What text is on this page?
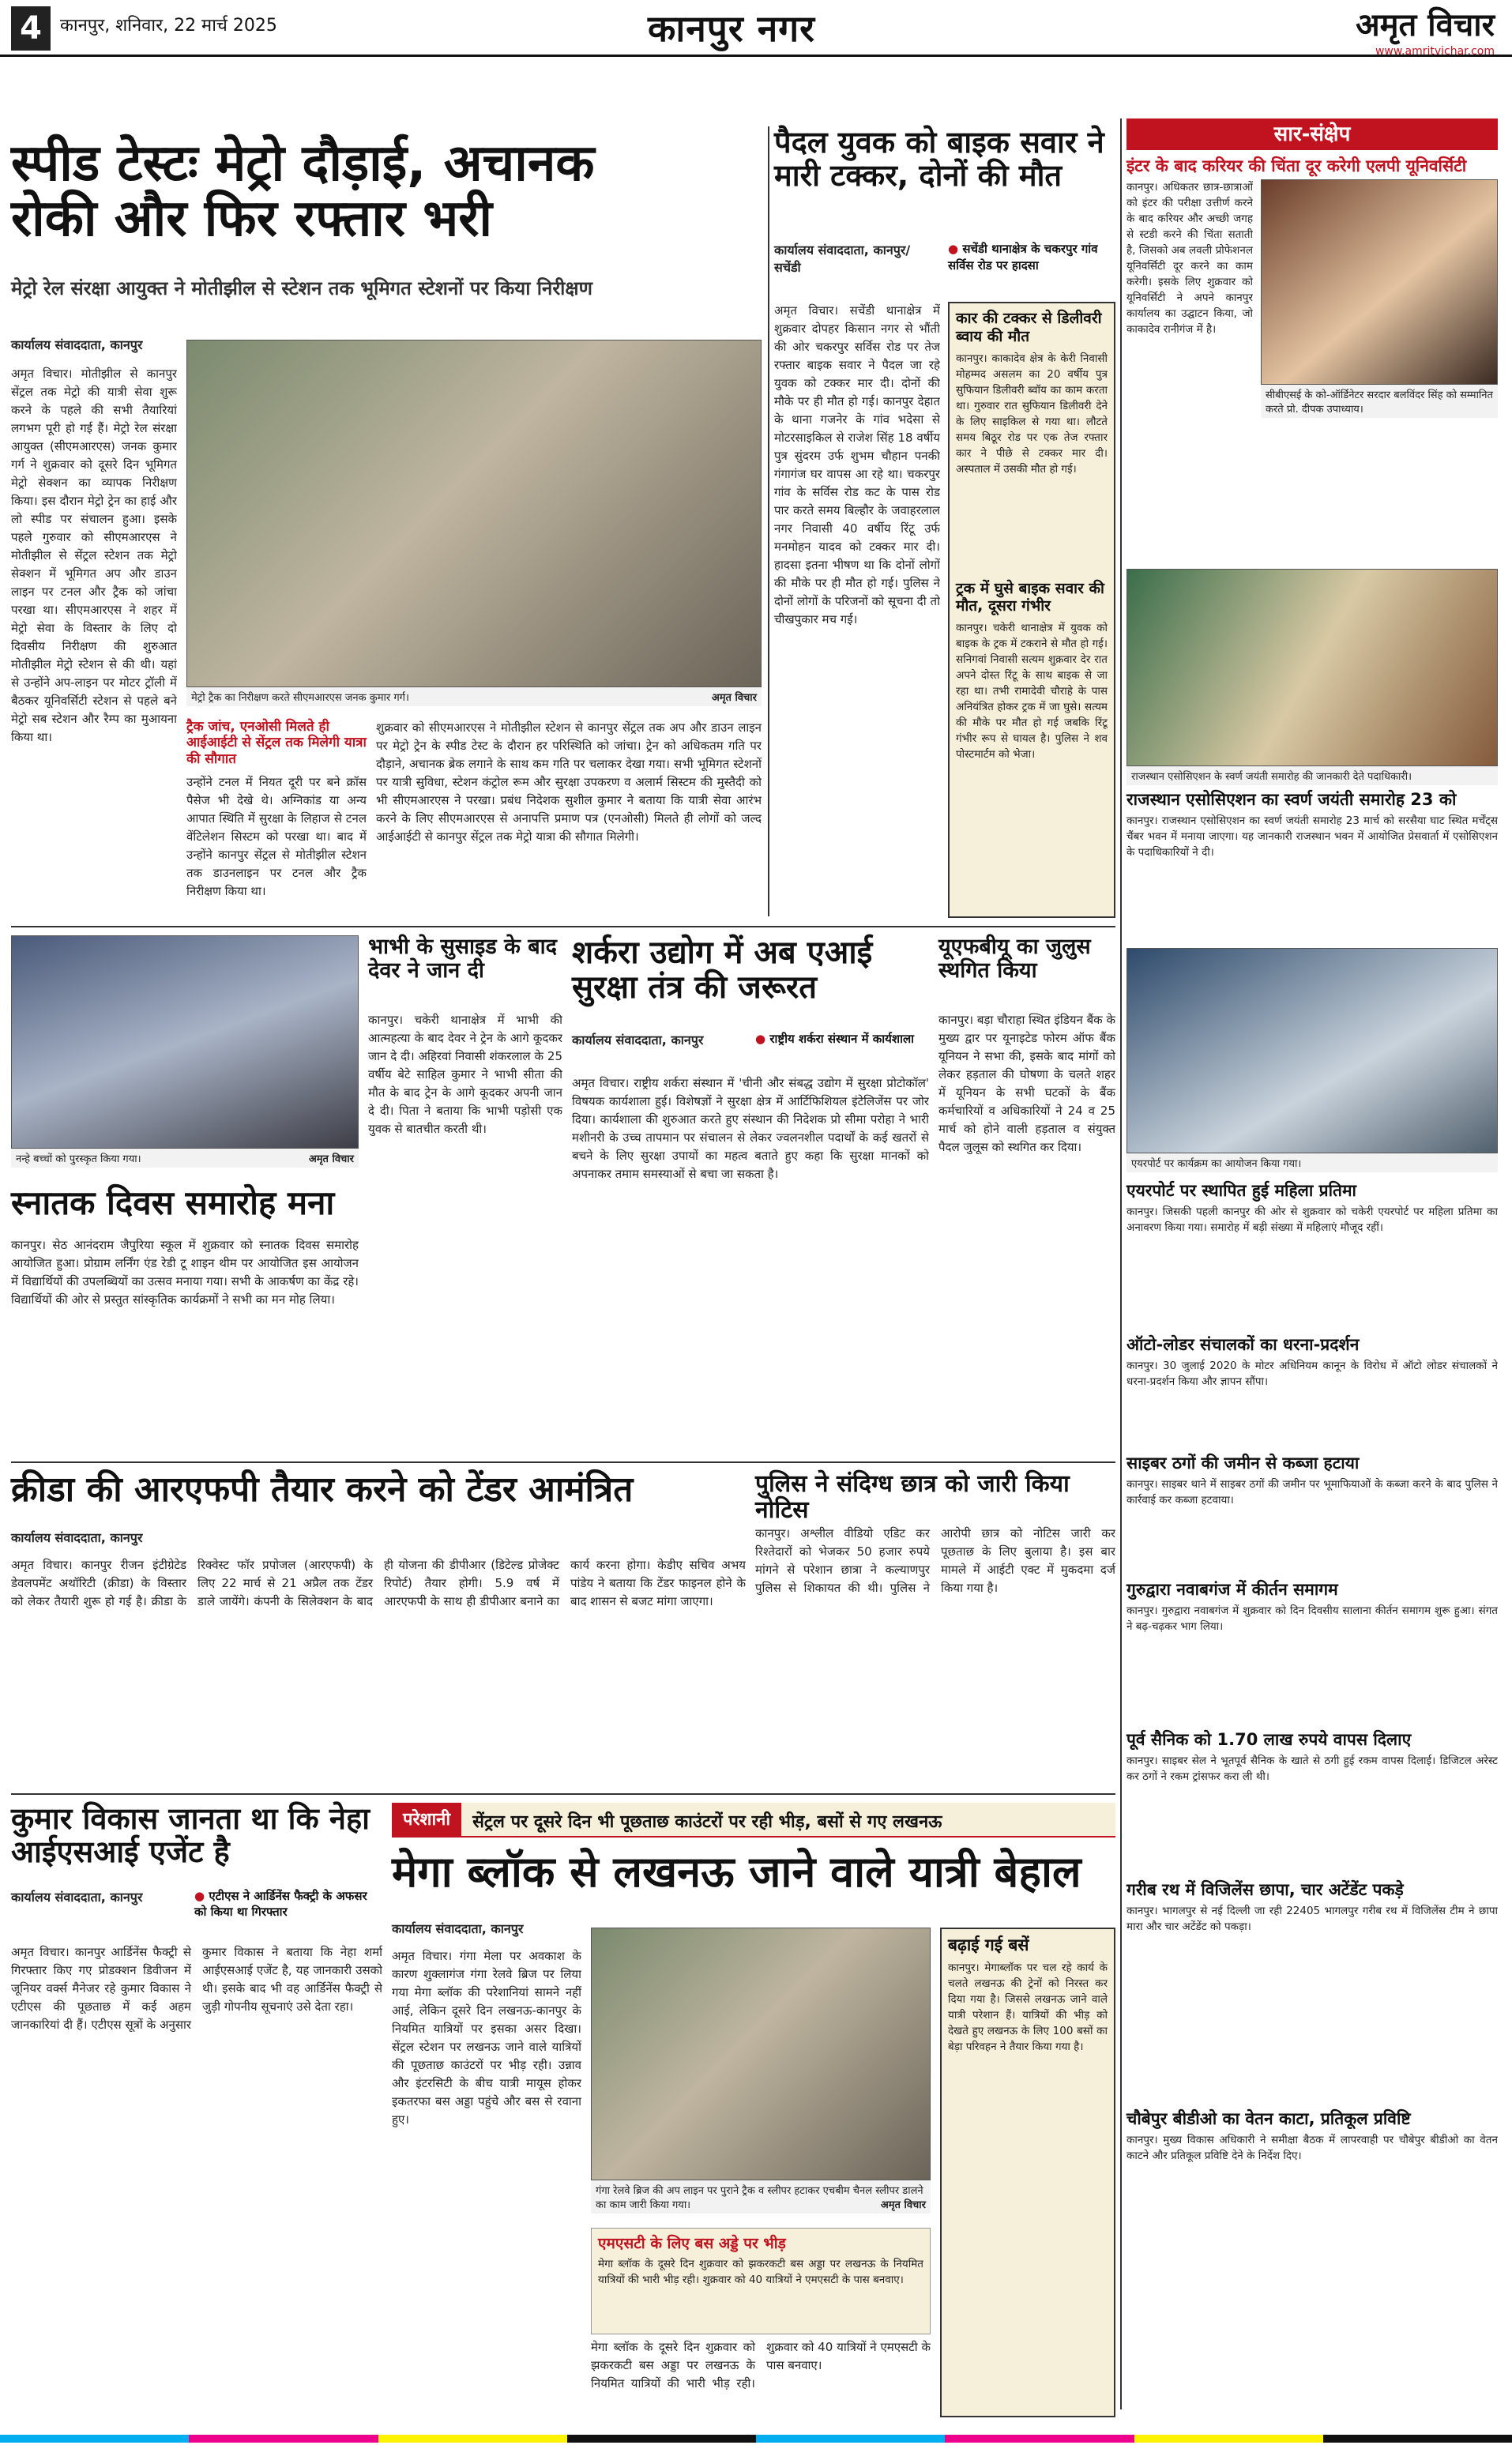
4	कानपुर, शनिवार, 22 मार्च 2025	कानपुर नगर	अमृत विचार
www.amritvichar.com
स्पीड टेस्टः मेट्रो दौड़ाई, अचानक
रोकी और फिर रफ्तार भरी
मेट्रो रेल संरक्षा आयुक्त ने मोतीझील से स्टेशन तक भूमिगत स्टेशनों पर किया निरीक्षण
कार्यालय संवाददाता, कानपुर
अमृत विचार। मोतीझील से कानपुर सेंट्रल तक मेट्रो की यात्री सेवा शुरू करने के पहले की सभी तैयारियां लगभग पूरी हो गई हैं। मेट्रो रेल संरक्षा आयुक्त (सीएमआरएस) जनक कुमार गर्ग ने शुक्रवार को दूसरे दिन भूमिगत मेट्रो सेक्शन का व्यापक निरीक्षण किया। इस दौरान मेट्रो ट्रेन का हाई और लो स्पीड पर संचालन हुआ। इसके पहले गुरुवार को सीएमआरएस ने मोतीझील से सेंट्रल स्टेशन तक मेट्रो सेक्शन में भूमिगत अप और डाउन लाइन पर टनल और ट्रैक को जांचा परखा था। सीएमआरएस ने शहर में मेट्रो सेवा के विस्तार के लिए दो दिवसीय निरीक्षण की शुरुआत मोतीझील मेट्रो स्टेशन से की थी। यहां से उन्होंने अप-लाइन पर मोटर ट्रॉली में बैठकर यूनिवर्सिटी स्टेशन से पहले बने मेट्रो सब स्टेशन और रैम्प का मुआयना किया था।
मेट्रो ट्रैक का निरीक्षण करते सीएमआरएस जनक कुमार गर्ग।	अमृत विचार
ट्रैक जांच, एनओसी मिलते ही आईआईटी से सेंट्रल तक मिलेगी यात्रा की सौगात
उन्होंने टनल में नियत दूरी पर बने क्रॉस पैसेज भी देखे थे। अग्निकांड या अन्य आपात स्थिति में सुरक्षा के लिहाज से टनल वेंटिलेशन सिस्टम को परखा था। बाद में उन्होंने कानपुर सेंट्रल से मोतीझील स्टेशन तक डाउनलाइन पर टनल और ट्रैक निरीक्षण किया था।
शुक्रवार को सीएमआरएस ने मोतीझील स्टेशन से कानपुर सेंट्रल तक अप और डाउन लाइन पर मेट्रो ट्रेन के स्पीड टेस्ट के दौरान हर परिस्थिति को जांचा। ट्रेन को अधिकतम गति पर दौड़ाने, अचानक ब्रेक लगाने के साथ कम गति पर चलाकर देखा गया। सभी भूमिगत स्टेशनों पर यात्री सुविधा, स्टेशन कंट्रोल रूम और सुरक्षा उपकरण व अलार्म सिस्टम की मुस्तैदी को भी सीएमआरएस ने परखा। प्रबंध निदेशक सुशील कुमार ने बताया कि यात्री सेवा आरंभ करने के लिए सीएमआरएस से अनापत्ति प्रमाण पत्र (एनओसी) मिलते ही लोगों को जल्द आईआईटी से कानपुर सेंट्रल तक मेट्रो यात्रा की सौगात मिलेगी।
पैदल युवक को बाइक सवार ने मारी टक्कर, दोनों की मौत
कार्यालय संवाददाता, कानपुर/ सचेंडी
● सचेंडी थानाक्षेत्र के चकरपुर गांव सर्विस रोड पर हादसा
अमृत विचार। सचेंडी थानाक्षेत्र में शुक्रवार दोपहर किसान नगर से भौंती की ओर चकरपुर सर्विस रोड पर तेज रफ्तार बाइक सवार ने पैदल जा रहे युवक को टक्कर मार दी। दोनों की मौके पर ही मौत हो गई। कानपुर देहात के थाना गजनेर के गांव भदेसा से मोटरसाइकिल से राजेश सिंह 18 वर्षीय पुत्र सुंदरम उर्फ शुभम चौहान पनकी गंगागंज घर वापस आ रहे था। चकरपुर गांव के सर्विस रोड कट के पास रोड पार करते समय बिल्हौर के जवाहरलाल नगर निवासी 40 वर्षीय रिंटू उर्फ मनमोहन यादव को टक्कर मार दी। हादसा इतना भीषण था कि दोनों लोगों की मौके पर ही मौत हो गई। पुलिस ने दोनों लोगों के परिजनों को सूचना दी तो चीखपुकार मच गई।
कार की टक्कर से डिलीवरी ब्वाय की मौत
कानपुर। काकादेव क्षेत्र के केरी निवासी मोहम्मद असलम का 20 वर्षीय पुत्र सुफियान डिलीवरी ब्वॉय का काम करता था। गुरुवार रात सुफियान डिलीवरी देने के लिए साइकिल से गया था। लौटते समय बिठूर रोड पर एक तेज रफ्तार कार ने पीछे से टक्कर मार दी। अस्पताल में उसकी मौत हो गई।
ट्रक में घुसे बाइक सवार की मौत, दूसरा गंभीर
कानपुर। चकेरी थानाक्षेत्र में युवक को बाइक के ट्रक में टकराने से मौत हो गई। सनिगवां निवासी सत्यम शुक्रवार देर रात अपने दोस्त रिंटू के साथ बाइक से जा रहा था। तभी रामादेवी चौराहे के पास अनियंत्रित होकर ट्रक में जा घुसे। सत्यम की मौके पर मौत हो गई जबकि रिंटू गंभीर रूप से घायल है। पुलिस ने शव पोस्टमार्टम को भेजा।
सार-संक्षेप
इंटर के बाद करियर की चिंता दूर करेगी एलपी यूनिवर्सिटी
कानपुर। अधिकतर छात्र-छात्राओं को इंटर की परीक्षा उत्तीर्ण करने के बाद करियर और अच्छी जगह से स्टडी करने की चिंता सताती है, जिसको अब लवली प्रोफेशनल यूनिवर्सिटी दूर करने का काम करेगी। इसके लिए शुक्रवार को यूनिवर्सिटी ने अपने कानपुर कार्यालय का उद्घाटन किया, जो काकादेव रानीगंज में है।
सीबीएसई के को-ऑर्डिनेटर सरदार बलविंदर सिंह को सम्मानित करते प्रो. दीपक उपाध्याय।
राजस्थान एसोसिएशन के स्वर्ण जयंती समारोह की जानकारी देते पदाधिकारी।
राजस्थान एसोसिएशन का स्वर्ण जयंती समारोह 23 को
कानपुर। राजस्थान एसोसिएशन का स्वर्ण जयंती समारोह 23 मार्च को सरसैया घाट स्थित मर्चेंट्स चैंबर भवन में मनाया जाएगा। यह जानकारी राजस्थान भवन में आयोजित प्रेसवार्ता में एसोसिएशन के पदाधिकारियों ने दी।
एयरपोर्ट पर कार्यक्रम का आयोजन किया गया।
एयरपोर्ट पर स्थापित हुई महिला प्रतिमा
कानपुर। जिसकी पहली कानपुर की ओर से शुक्रवार को चकेरी एयरपोर्ट पर महिला प्रतिमा का अनावरण किया गया। समारोह में बड़ी संख्या में महिलाएं मौजूद रहीं।
ऑटो-लोडर संचालकों का धरना-प्रदर्शन
कानपुर। 30 जुलाई 2020 के मोटर अधिनियम कानून के विरोध में ऑटो लोडर संचालकों ने धरना-प्रदर्शन किया और ज्ञापन सौंपा।
साइबर ठगों की जमीन से कब्जा हटाया
कानपुर। साइबर थाने में साइबर ठगों की जमीन पर भूमाफियाओं के कब्जा करने के बाद पुलिस ने कार्रवाई कर कब्जा हटवाया।
गुरुद्वारा नवाबगंज में कीर्तन समागम
कानपुर। गुरुद्वारा नवाबगंज में शुक्रवार को दिन दिवसीय सालाना कीर्तन समागम शुरू हुआ। संगत ने बढ़-चढ़कर भाग लिया।
पूर्व सैनिक को 1.70 लाख रुपये वापस दिलाए
कानपुर। साइबर सेल ने भूतपूर्व सैनिक के खाते से ठगी हुई रकम वापस दिलाई। डिजिटल अरेस्ट कर ठगों ने रकम ट्रांसफर करा ली थी।
गरीब रथ में विजिलेंस छापा, चार अटेंडेंट पकड़े
कानपुर। भागलपुर से नई दिल्ली जा रही 22405 भागलपुर गरीब रथ में विजिलेंस टीम ने छापा मारा और चार अटेंडेंट को पकड़ा।
चौबेपुर बीडीओ का वेतन काटा, प्रतिकूल प्रविष्टि
कानपुर। मुख्य विकास अधिकारी ने समीक्षा बैठक में लापरवाही पर चौबेपुर बीडीओ का वेतन काटने और प्रतिकूल प्रविष्टि देने के निर्देश दिए।
नन्हे बच्चों को पुरस्कृत किया गया।	अमृत विचार
स्नातक दिवस समारोह मना
कानपुर। सेठ आनंदराम जैपुरिया स्कूल में शुक्रवार को स्नातक दिवस समारोह आयोजित हुआ। प्रोग्राम लर्निंग एंड रेडी टू शाइन थीम पर आयोजित इस आयोजन में विद्यार्थियों की उपलब्धियों का उत्सव मनाया गया। सभी के आकर्षण का केंद्र रहे। विद्यार्थियों की ओर से प्रस्तुत सांस्कृतिक कार्यक्रमों ने सभी का मन मोह लिया।
भाभी के सुसाइड के बाद देवर ने जान दी
कानपुर। चकेरी थानाक्षेत्र में भाभी की आत्महत्या के बाद देवर ने ट्रेन के आगे कूदकर जान दे दी। अहिरवां निवासी शंकरलाल के 25 वर्षीय बेटे साहिल कुमार ने भाभी सीता की मौत के बाद ट्रेन के आगे कूदकर अपनी जान दे दी। पिता ने बताया कि भाभी पड़ोसी एक युवक से बातचीत करती थी।
शर्करा उद्योग में अब एआई सुरक्षा तंत्र की जरूरत
कार्यालय संवाददाता, कानपुर	● राष्ट्रीय शर्करा संस्थान में कार्यशाला
अमृत विचार। राष्ट्रीय शर्करा संस्थान में 'चीनी और संबद्ध उद्योग में सुरक्षा प्रोटोकॉल' विषयक कार्यशाला हुई। विशेषज्ञों ने सुरक्षा क्षेत्र में आर्टिफिशियल इंटेलिजेंस पर जोर दिया। कार्यशाला की शुरुआत करते हुए संस्थान की निदेशक प्रो सीमा परोहा ने भारी मशीनरी के उच्च तापमान पर संचालन से लेकर ज्वलनशील पदार्थों के कई खतरों से बचने के लिए सुरक्षा उपायों का महत्व बताते हुए कहा कि सुरक्षा मानकों को अपनाकर तमाम समस्याओं से बचा जा सकता है।
यूएफबीयू का जुलुस स्थगित किया
कानपुर। बड़ा चौराहा स्थित इंडियन बैंक के मुख्य द्वार पर यूनाइटेड फोरम ऑफ बैंक यूनियन ने सभा की, इसके बाद मांगों को लेकर हड़ताल की घोषणा के चलते शहर में यूनियन के सभी घटकों के बैंक कर्मचारियों व अधिकारियों ने 24 व 25 मार्च को होने वाली हड़ताल व संयुक्त पैदल जुलूस को स्थगित कर दिया।
क्रीडा की आरएफपी तैयार करने को टेंडर आमंत्रित
कार्यालय संवाददाता, कानपुर
अमृत विचार। कानपुर रीजन इंटीग्रेटेड डेवलपमेंट अथॉरिटी (क्रीडा) के विस्तार को लेकर तैयारी शुरू हो गई है। क्रीडा के रिक्वेस्ट फॉर प्रपोजल (आरएफपी) के लिए 22 मार्च से 21 अप्रैल तक टेंडर डाले जायेंगे। कंपनी के सिलेक्शन के बाद ही योजना की डीपीआर (डिटेल्ड प्रोजेक्ट रिपोर्ट) तैयार होगी। 5.9 वर्ष में आरएफपी के साथ ही डीपीआर बनाने का कार्य करना होगा। केडीए सचिव अभय पांडेय ने बताया कि टेंडर फाइनल होने के बाद शासन से बजट मांगा जाएगा।
पुलिस ने संदिग्ध छात्र को जारी किया नोटिस
कानपुर। अश्लील वीडियो एडिट कर रिश्तेदारों को भेजकर 50 हजार रुपये मांगने से परेशान छात्रा ने कल्याणपुर पुलिस से शिकायत की थी। पुलिस ने आरोपी छात्र को नोटिस जारी कर पूछताछ के लिए बुलाया है। इस बार मामले में आईटी एक्ट में मुकदमा दर्ज किया गया है।
कुमार विकास जानता था कि नेहा आईएसआई एजेंट है
कार्यालय संवाददाता, कानपुर	● एटीएस ने आर्डिनेंस फैक्ट्री के अफसर को किया था गिरफ्तार
अमृत विचार। कानपुर आर्डिनेंस फैक्ट्री से गिरफ्तार किए गए प्रोडक्शन डिवीजन में जूनियर वर्क्स मैनेजर रहे कुमार विकास ने एटीएस की पूछताछ में कई अहम जानकारियां दी हैं। एटीएस सूत्रों के अनुसार कुमार विकास ने बताया कि नेहा शर्मा आईएसआई एजेंट है, यह जानकारी उसको थी। इसके बाद भी वह आर्डिनेंस फैक्ट्री से जुड़ी गोपनीय सूचनाएं उसे देता रहा।
परेशानी	सेंट्रल पर दूसरे दिन भी पूछताछ काउंटरों पर रही भीड़, बसों से गए लखनऊ
मेगा ब्लॉक से लखनऊ जाने वाले यात्री बेहाल
कार्यालय संवाददाता, कानपुर
अमृत विचार। गंगा मेला पर अवकाश के कारण शुक्लागंज गंगा रेलवे ब्रिज पर लिया गया मेगा ब्लॉक की परेशानियां सामने नहीं आई, लेकिन दूसरे दिन लखनऊ-कानपुर के नियमित यात्रियों पर इसका असर दिखा। सेंट्रल स्टेशन पर लखनऊ जाने वाले यात्रियों की पूछताछ काउंटरों पर भीड़ रही। उन्नाव और इंटरसिटी के बीच यात्री मायूस होकर इकतरफा बस अड्डा पहुंचे और बस से रवाना हुए।
गंगा रेलवे ब्रिज की अप लाइन पर पुराने ट्रैक व स्लीपर हटाकर एचबीम चैनल स्लीपर डालने का काम जारी किया गया।	अमृत विचार
एमएसटी के लिए बस अड्डे पर भीड़
मेगा ब्लॉक के दूसरे दिन शुक्रवार को झकरकटी बस अड्डा पर लखनऊ के नियमित यात्रियों की भारी भीड़ रही। शुक्रवार को 40 यात्रियों ने एमएसटी के पास बनवाए।
मेगा ब्लॉक के दूसरे दिन शुक्रवार को झकरकटी बस अड्डा पर लखनऊ के नियमित यात्रियों की भारी भीड़ रही। शुक्रवार को 40 यात्रियों ने एमएसटी के पास बनवाए।
बढ़ाई गई बसें
कानपुर। मेगाब्लॉक पर चल रहे कार्य के चलते लखनऊ की ट्रेनों को निरस्त कर दिया गया है। जिससे लखनऊ जाने वाले यात्री परेशान हैं। यात्रियों की भीड़ को देखते हुए लखनऊ के लिए 100 बसों का बेड़ा परिवहन ने तैयार किया गया है।
